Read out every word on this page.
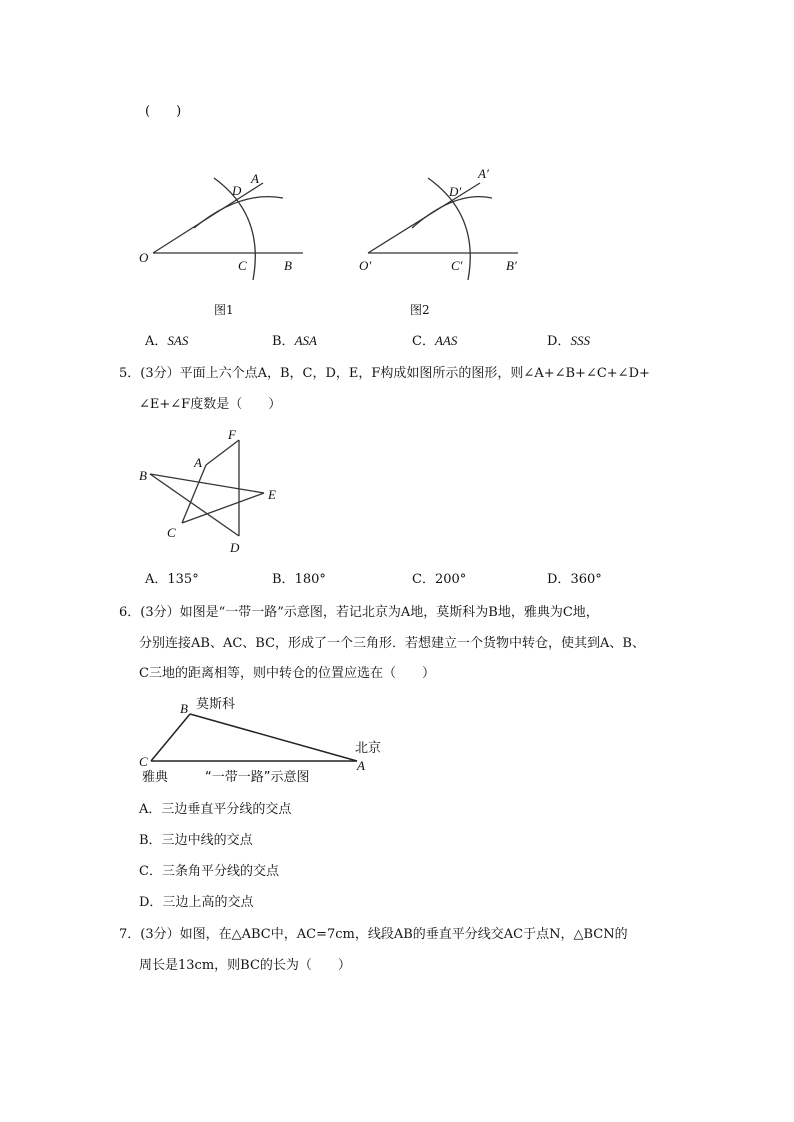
(　　)
O
C	B
D
A
图1
O′	C′	B′
D′
A′
图2
A．SAS	B．ASA	C．AAS	D．SSS
5．(3分）平面上六个点A，B，C，D，E，F构成如图所示的图形，则∠A+∠B+∠C+∠D+
∠E+∠F度数是（　　）
B
A
F
E
C
D
A．135°	B．180°	C．200°	D．360°
6．(3分）如图是“一带一路”示意图，若记北京为A地，莫斯科为B地，雅典为C地，
分别连接AB、AC、BC，形成了一个三角形．若想建立一个货物中转仓，使其到A、B、
C三地的距离相等，则中转仓的位置应选在（　　）
B
C	A
莫斯科
北京
雅典	“一带一路”示意图
A．三边垂直平分线的交点
B．三边中线的交点
C．三条角平分线的交点
D．三边上高的交点
7．(3分）如图，在△ABC中，AC=7cm，线段AB的垂直平分线交AC于点N，△BCN的
周长是13cm，则BC的长为（　　）
